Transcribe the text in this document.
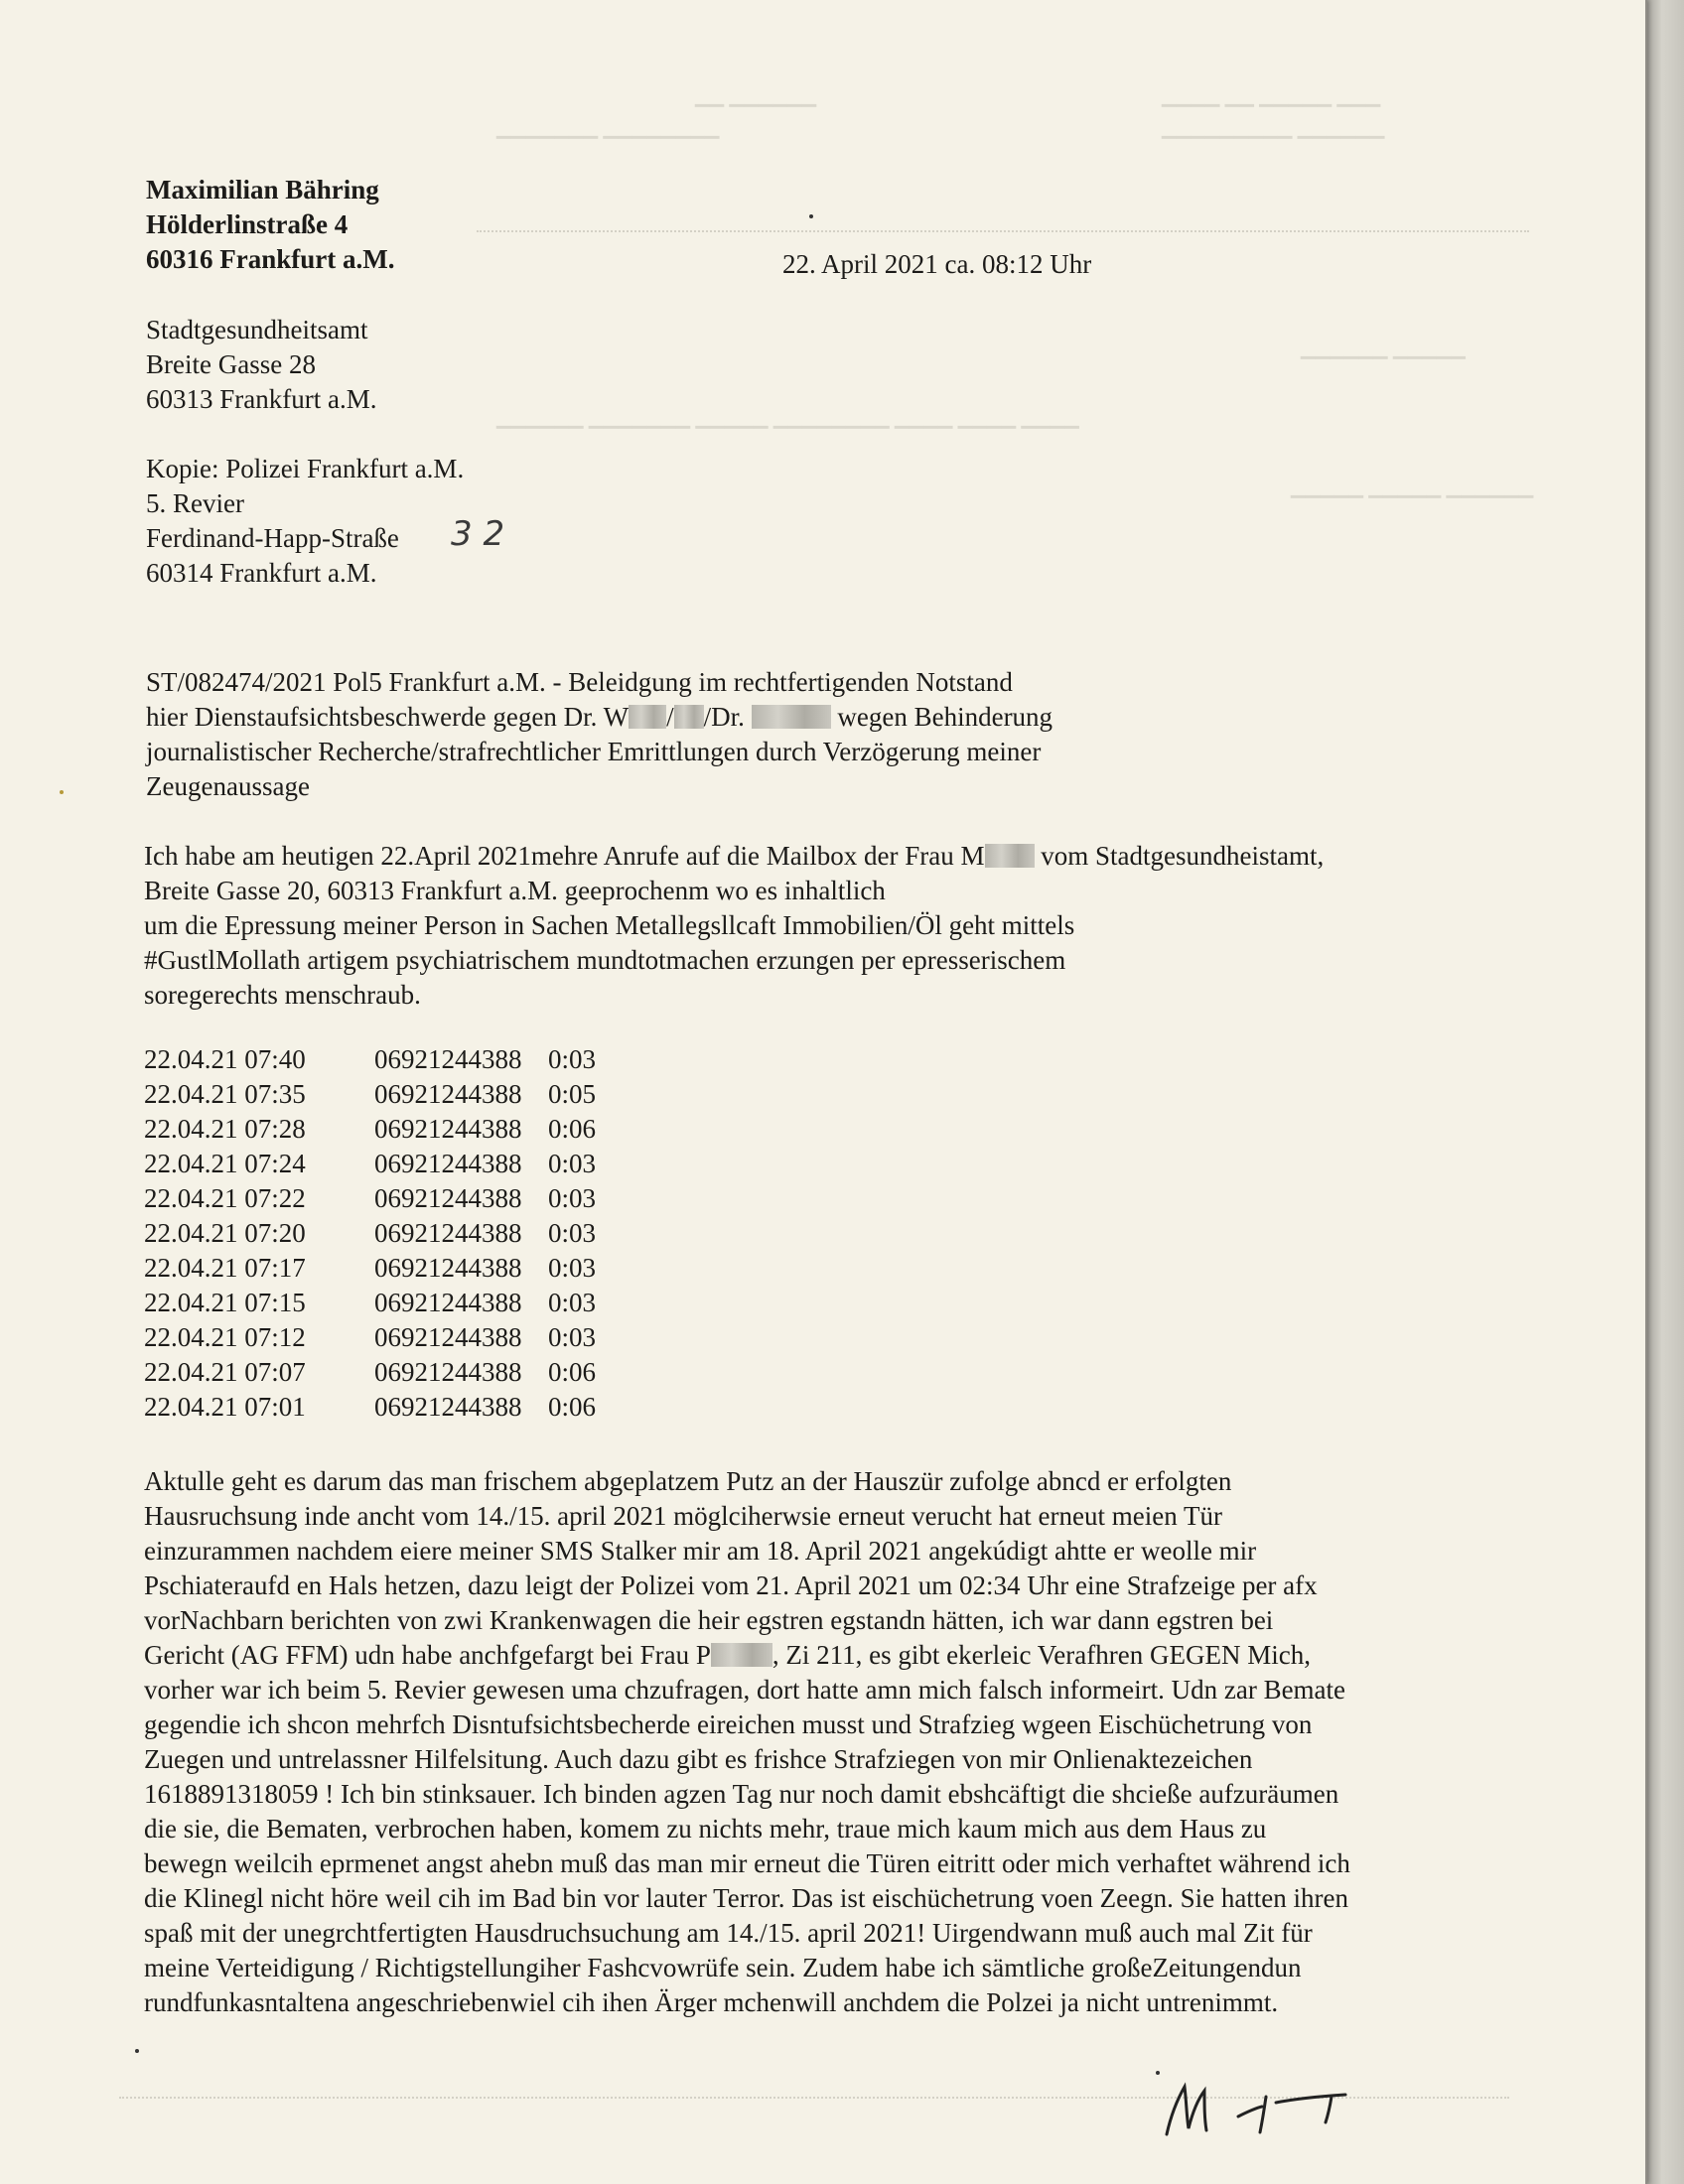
▁▁▁ ▁▁▁▁▁ ▁▁ ▁▁▁▁
▁▁▁▁▁▁ ▁▁▁▁▁▁▁▁▁
▁▁▁▁▁▁ ▁▁
▁▁▁▁▁▁▁▁ ▁▁▁▁▁▁▁
▁▁▁▁▁ ▁▁▁▁▁▁
▁▁▁▁ ▁▁▁▁ ▁▁▁▁ ▁▁▁▁▁▁▁▁ ▁▁▁▁▁ ▁▁▁▁▁▁▁ ▁▁▁▁▁▁
▁▁▁▁▁▁ ▁▁▁▁▁ ▁▁▁▁▁
Maximilian Bähring
Hölderlinstraße 4
60316 Frankfurt a.M.	22. April 2021 ca. 08:12 Uhr
Stadtgesundheitsamt
Breite Gasse 28
60313 Frankfurt a.M.
Kopie: Polizei Frankfurt a.M.
5. Revier
Ferdinand-Happ-Straße 3 2
60314 Frankfurt a.M.
ST/082474/2021 Pol5 Frankfurt a.M. - Beleidgung im rechtfertigenden Notstand
hier Dienstaufsichtsbeschwerde gegen Dr. W / /Dr.	wegen Behinderung
journalistischer Recherche/strafrechtlicher Emrittlungen durch Verzögerung meiner
Zeugenaussage
Ich habe am heutigen 22.April 2021mehre Anrufe auf die Mailbox der Frau M vom Stadtgesundheistamt,
Breite Gasse 20, 60313 Frankfurt a.M. geeprochenm wo es inhaltlich
um die Epressung meiner Person in Sachen Metallegsllcaft Immobilien/Öl geht mittels
#GustlMollath artigem psychiatrischem mundtotmachen erzungen per epresserischem
soregerechts menschraub.
22.04.21 07:40	06921244388 0:03
22.04.21 07:35	06921244388 0:05
22.04.21 07:28	06921244388 0:06
22.04.21 07:24	06921244388 0:03
22.04.21 07:22	06921244388 0:03
22.04.21 07:20	06921244388 0:03
22.04.21 07:17	06921244388 0:03
22.04.21 07:15	06921244388 0:03
22.04.21 07:12	06921244388 0:03
22.04.21 07:07	06921244388 0:06
22.04.21 07:01	06921244388 0:06
Aktulle geht es darum das man frischem abgeplatzem Putz an der Hauszür zufolge abncd er erfolgten
Hausruchsung inde ancht vom 14./15. april 2021 möglciherwsie erneut verucht hat erneut meien Tür
einzurammen nachdem eiere meiner SMS Stalker mir am 18. April 2021 angekúdigt ahtte er weolle mir
Pschiateraufd en Hals hetzen, dazu leigt der Polizei vom 21. April 2021 um 02:34 Uhr eine Strafzeige per afx
vorNachbarn berichten von zwi Krankenwagen die heir egstren egstandn hätten, ich war dann egstren bei
Gericht (AG FFM) udn habe anchfgefargt bei Frau P , Zi 211, es gibt ekerleic Verafhren GEGEN Mich,
vorher war ich beim 5. Revier gewesen uma chzufragen, dort hatte amn mich falsch informeirt. Udn zar Bemate
gegendie ich shcon mehrfch Disntufsichtsbecherde eireichen musst und Strafzieg wgeen Eischüchetrung von
Zuegen und untrelassner Hilfelsitung. Auch dazu gibt es frishce Strafziegen von mir Onlienaktezeichen
1618891318059 ! Ich bin stinksauer. Ich binden agzen Tag nur noch damit ebshcäftigt die shcieße aufzuräumen
die sie, die Bematen, verbrochen haben, komem zu nichts mehr, traue mich kaum mich aus dem Haus zu
bewegn weilcih eprmenet angst ahebn muß das man mir erneut die Türen eitritt oder mich verhaftet während ich
die Klinegl nicht höre weil cih im Bad bin vor lauter Terror. Das ist eischüchetrung voen Zeegn. Sie hatten ihren
spaß mit der unegrchtfertigten Hausdruchsuchung am 14./15. april 2021! Uirgendwann muß auch mal Zit für
meine Verteidigung / Richtigstellungiher Fashcvowrüfe sein. Zudem habe ich sämtliche großeZeitungendun
rundfunkasntaltena angeschriebenwiel cih ihen Ärger mchenwill anchdem die Polzei ja nicht untrenimmt.
